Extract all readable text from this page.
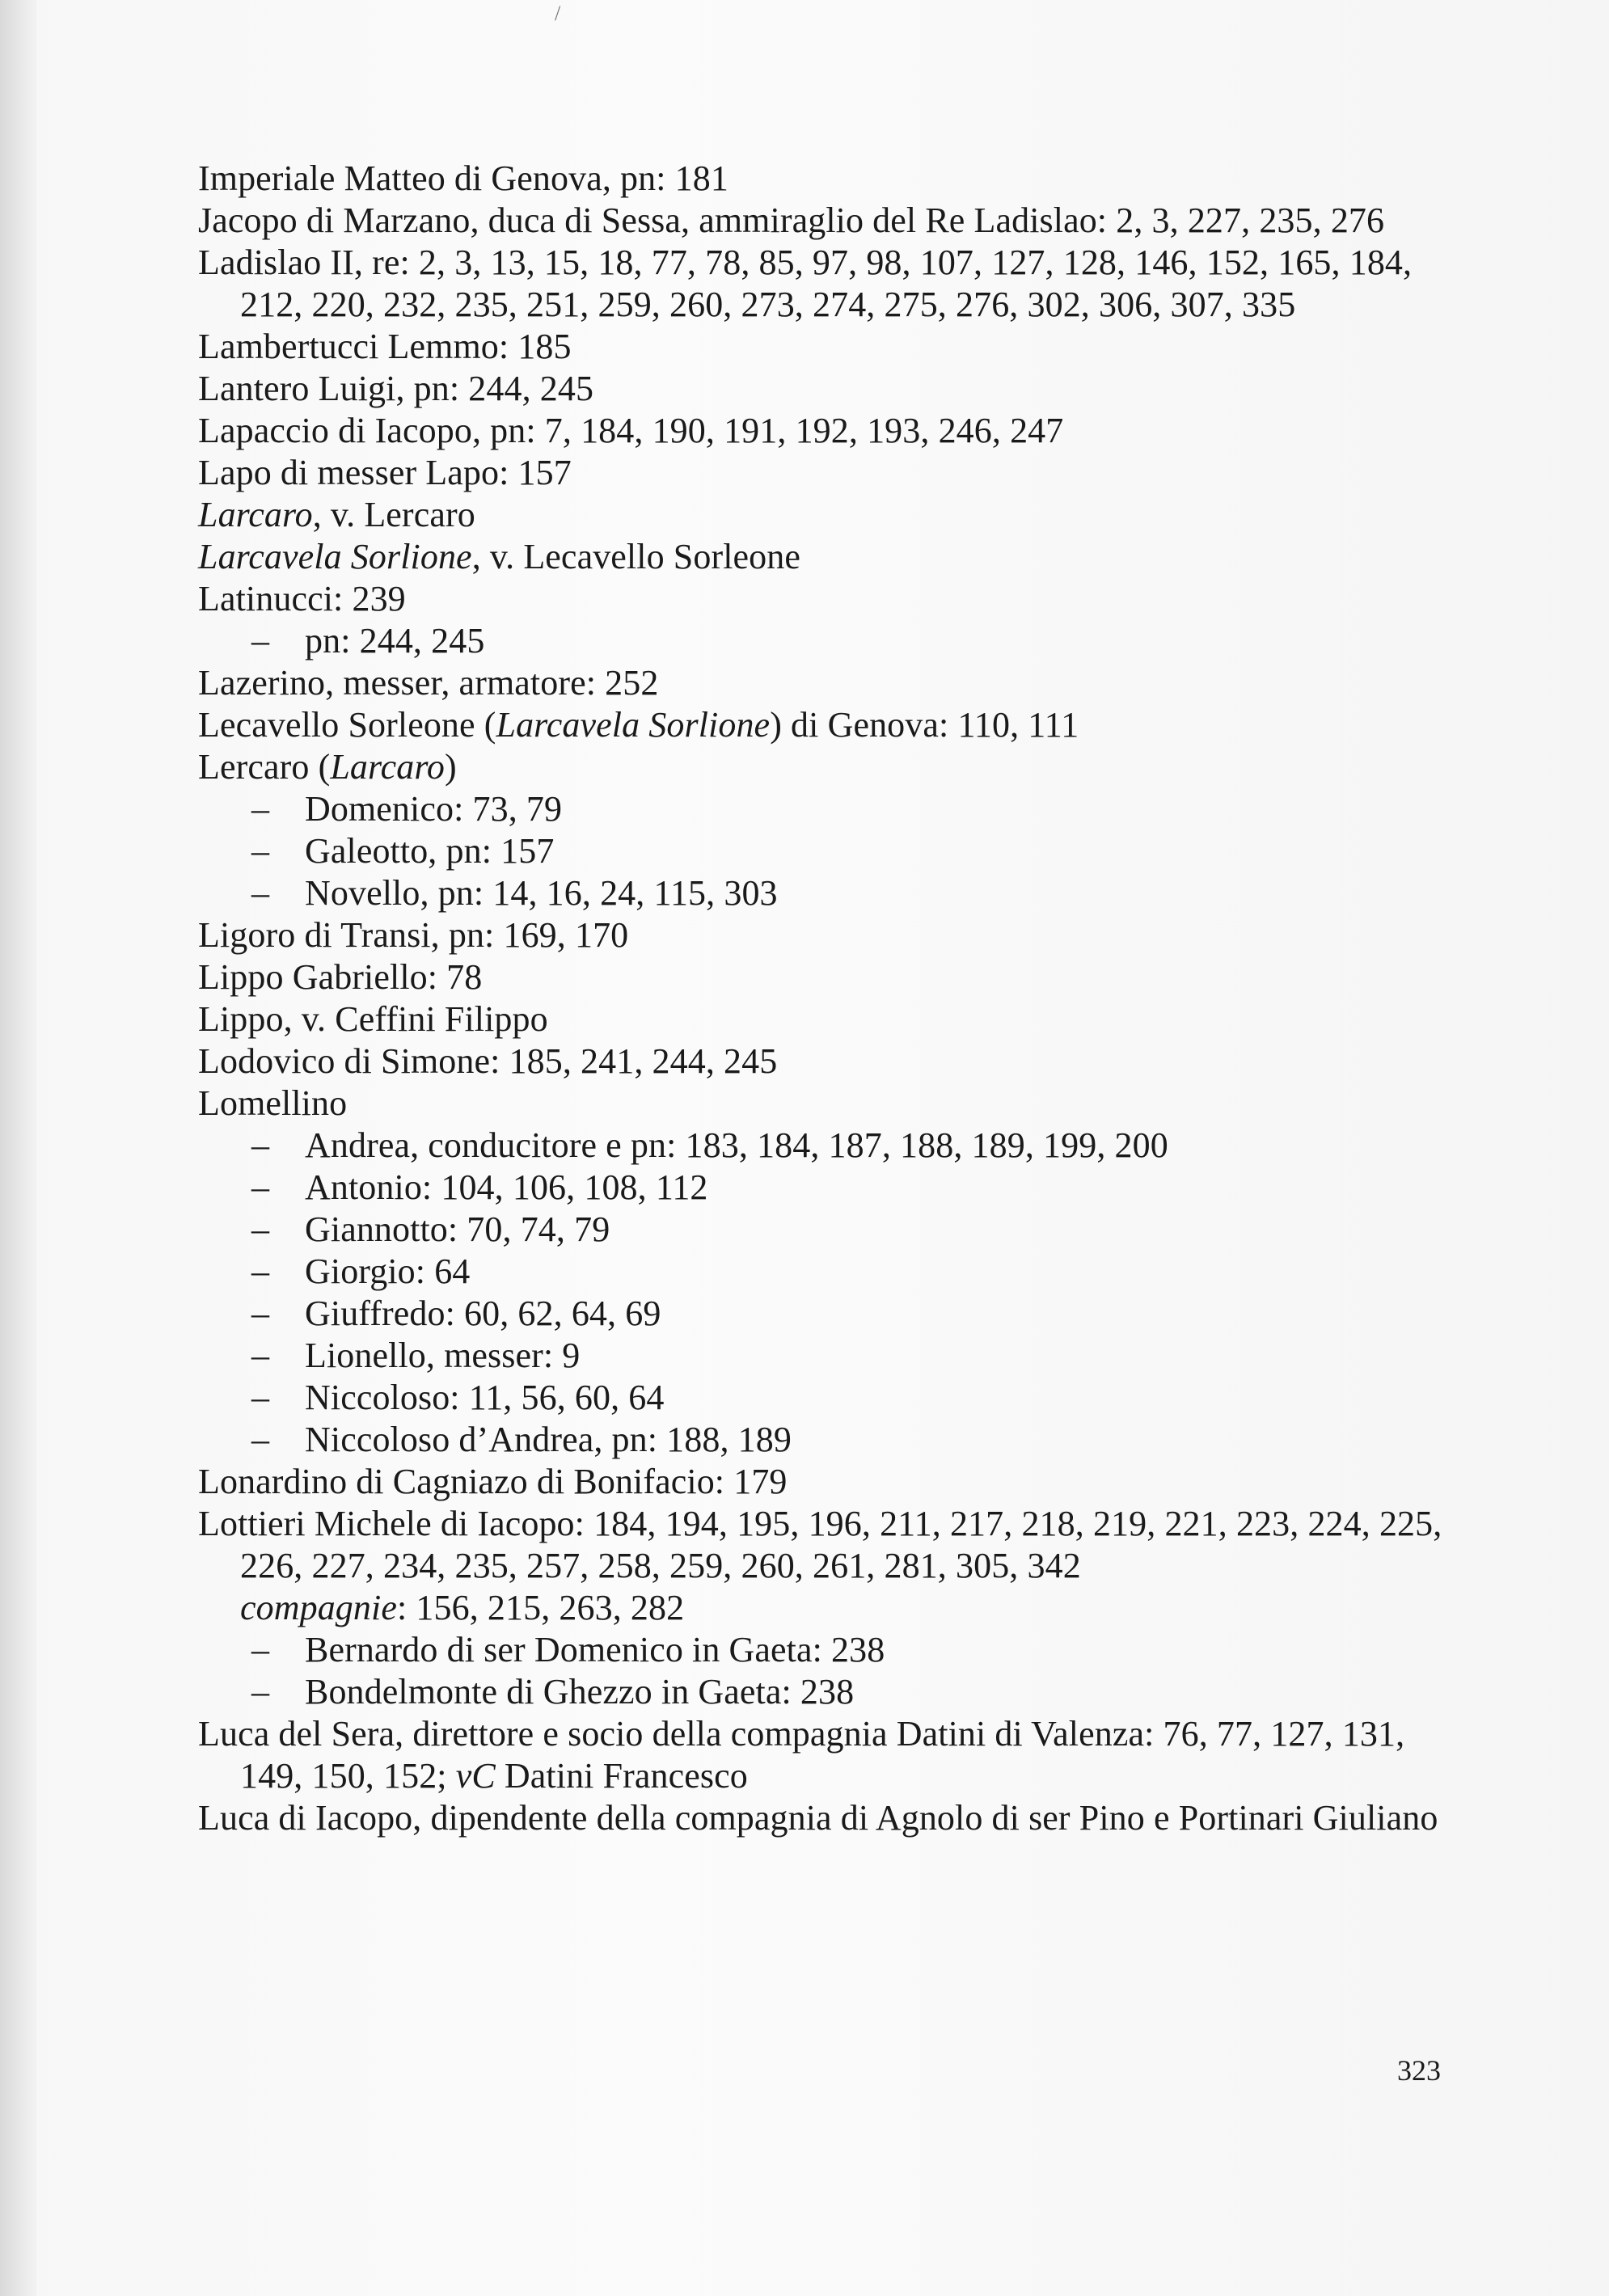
/

Imperiale Matteo di Genova, pn: 181

Jacopo di Marzano, duca di Sessa, ammiraglio del Re Ladislao: 2, 3, 227, 235, 276

Ladislao II, re: 2, 3, 13, 15, 18, 77, 78, 85, 97, 98, 107, 127, 128, 146, 152, 165, 184, 212, 220, 232, 235, 251, 259, 260, 273, 274, 275, 276, 302, 306, 307, 335

Lambertucci Lemmo: 185

Lantero Luigi, pn: 244, 245

Lapaccio di Iacopo, pn: 7, 184, 190, 191, 192, 193, 246, 247

Lapo di messer Lapo: 157

Larcaro, v. Lercaro

Larcavela Sorlione, v. Lecavello Sorleone

Latinucci: 239

– pn: 244, 245

Lazerino, messer, armatore: 252

Lecavello Sorleone (Larcavela Sorlione) di Genova: 110, 111

Lercaro (Larcaro)

– Domenico: 73, 79

– Galeotto, pn: 157

– Novello, pn: 14, 16, 24, 115, 303

Ligoro di Transi, pn: 169, 170

Lippo Gabriello: 78

Lippo, v. Ceffini Filippo

Lodovico di Simone: 185, 241, 244, 245

Lomellino

– Andrea, conducitore e pn: 183, 184, 187, 188, 189, 199, 200

– Antonio: 104, 106, 108, 112

– Giannotto: 70, 74, 79

– Giorgio: 64

– Giuffredo: 60, 62, 64, 69

– Lionello, messer: 9

– Niccoloso: 11, 56, 60, 64

– Niccoloso d’Andrea, pn: 188, 189

Lonardino di Cagniazo di Bonifacio: 179

Lottieri Michele di Iacopo: 184, 194, 195, 196, 211, 217, 218, 219, 221, 223, 224, 225, 226, 227, 234, 235, 257, 258, 259, 260, 261, 281, 305, 342

compagnie: 156, 215, 263, 282

– Bernardo di ser Domenico in Gaeta: 238

– Bondelmonte di Ghezzo in Gaeta: 238

Luca del Sera, direttore e socio della compagnia Datini di Valenza: 76, 77, 127, 131, 149, 150, 152; vC Datini Francesco

Luca di Iacopo, dipendente della compagnia di Agnolo di ser Pino e Portinari Giuliano

323
